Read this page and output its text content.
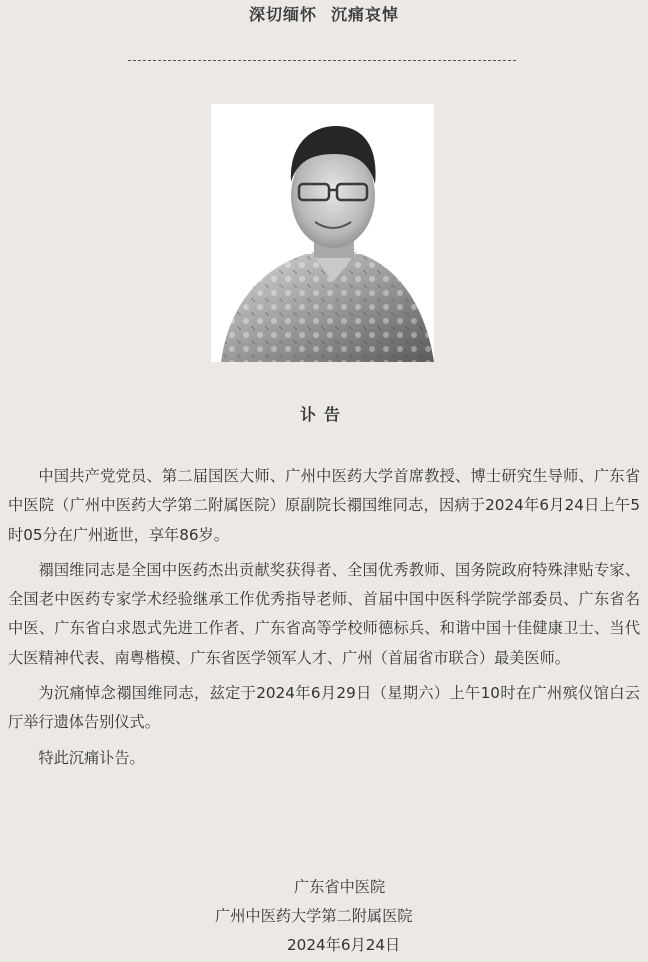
深切缅怀 沉痛哀悼
讣告

中国共产党党员、第二届国医大师、广州中医药大学首席教授、博士研究生导师、广东省中医院（广州中医药大学第二附属医院）原副院长禤国维同志，因病于2024年6月24日上午5时05分在广州逝世，享年86岁。

禤国维同志是全国中医药杰出贡献奖获得者、全国优秀教师、国务院政府特殊津贴专家、全国老中医药专家学术经验继承工作优秀指导老师、首届中国中医科学院学部委员、广东省名中医、广东省白求恩式先进工作者、广东省高等学校师德标兵、和谐中国十佳健康卫士、当代大医精神代表、南粤楷模、广东省医学领军人才、广州（首届省市联合）最美医师。

为沉痛悼念禤国维同志，兹定于2024年6月29日（星期六）上午10时在广州殡仪馆白云厅举行遗体告别仪式。

特此沉痛讣告。

广东省中医院
广州中医药大学第二附属医院
2024年6月24日
